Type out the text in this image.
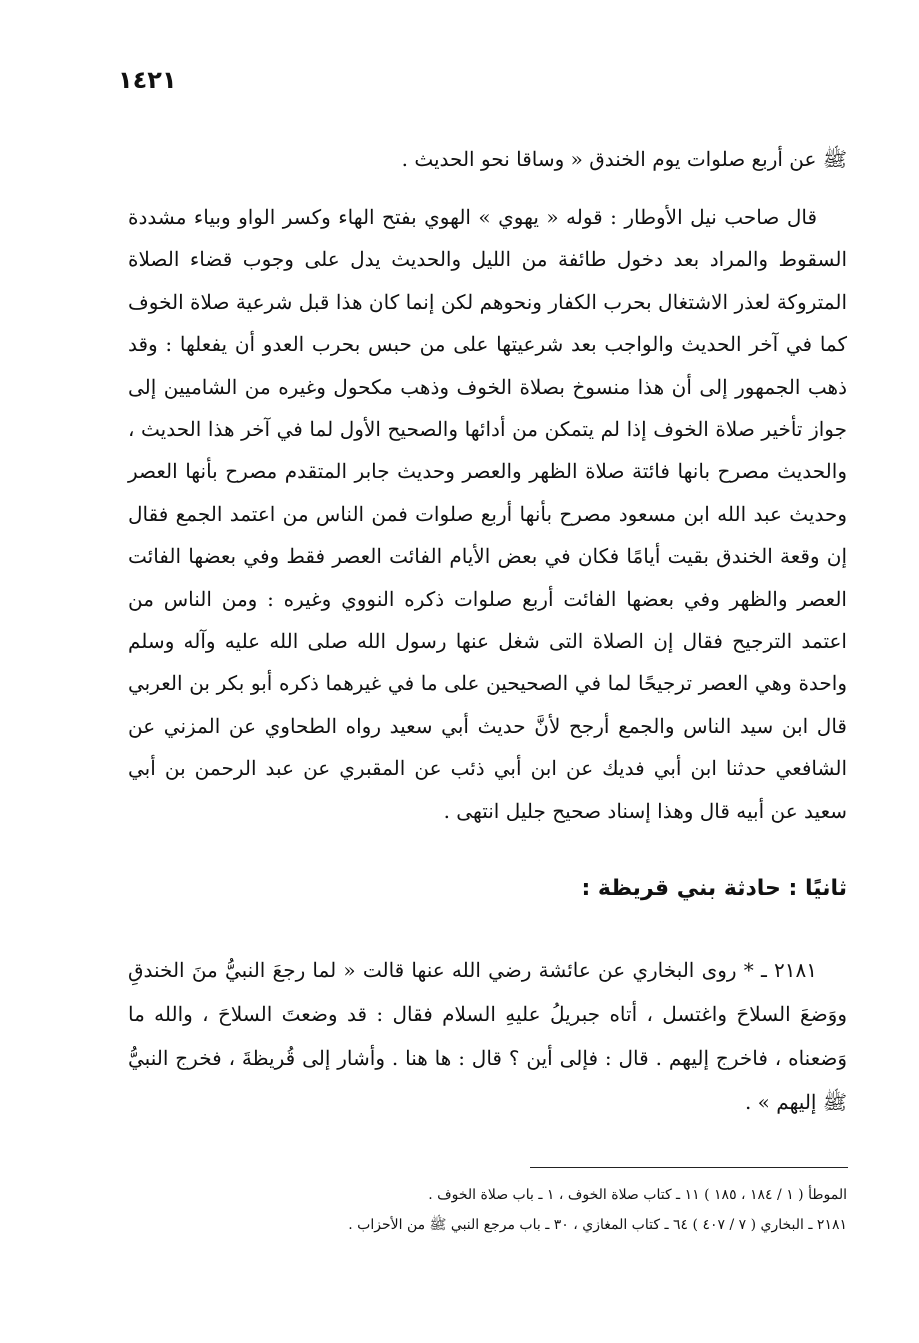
١٤٢١

ﷺ عن أربع صلوات يوم الخندق « وساقا نحو الحديث .

قال صاحب نيل الأوطار : قوله « يهوي » الهوي بفتح الهاء وكسر الواو وبياء مشددة السقوط والمراد بعد دخول طائفة من الليل والحديث يدل على وجوب قضاء الصلاة المتروكة لعذر الاشتغال بحرب الكفار ونحوهم لكن إنما كان هذا قبل شرعية صلاة الخوف كما في آخر الحديث والواجب بعد شرعيتها على من حبس بحرب العدو أن يفعلها : وقد ذهب الجمهور إلى أن هذا منسوخ بصلاة الخوف وذهب مكحول وغيره من الشاميين إلى جواز تأخير صلاة الخوف إذا لم يتمكن من أدائها والصحيح الأول لما في آخر هذا الحديث ، والحديث مصرح بانها فائتة صلاة الظهر والعصر وحديث جابر المتقدم مصرح بأنها العصر وحديث عبد الله ابن مسعود مصرح بأنها أربع صلوات فمن الناس من اعتمد الجمع فقال إن وقعة الخندق بقيت أيامًا فكان في بعض الأيام الفائت العصر فقط وفي بعضها الفائت العصر والظهر وفي بعضها الفائت أربع صلوات ذكره النووي وغيره : ومن الناس من اعتمد الترجيح فقال إن الصلاة التى شغل عنها رسول الله صلى الله عليه وآله وسلم واحدة وهي العصر ترجيحًا لما في الصحيحين على ما في غيرهما ذكره أبو بكر بن العربي قال ابن سيد الناس والجمع أرجح لأنَّ حديث أبي سعيد رواه الطحاوي عن المزني عن الشافعي حدثنا ابن أبي فديك عن ابن أبي ذئب عن المقبري عن عبد الرحمن بن أبي سعيد عن أبيه قال وهذا إسناد صحيح جليل انتهى .

ثانيًا : حادثة بني قريظة :

٢١٨١ ـ * روى البخاري عن عائشة رضي الله عنها قالت « لما رجعَ النبيُّ منَ الخندقِ ووَضعَ السلاحَ واغتسل ، أتاه جبريلُ عليهِ السلام فقال : قد وضعتَ السلاحَ ، والله ما وَضعناه ، فاخرج إليهم . قال : فإلى أين ؟ قال : ها هنا . وأشار إلى قُريظةَ ، فخرج النبيُّ ﷺ إليهم » .

الموطأ ( ١ / ١٨٤ ، ١٨٥ ) ١١ ـ كتاب صلاة الخوف ، ١ ـ باب صلاة الخوف .
٢١٨١ ـ البخاري ( ٧ / ٤٠٧ ) ٦٤ ـ كتاب المغازي ، ٣٠ ـ باب مرجع النبي ﷺ من الأحزاب .
